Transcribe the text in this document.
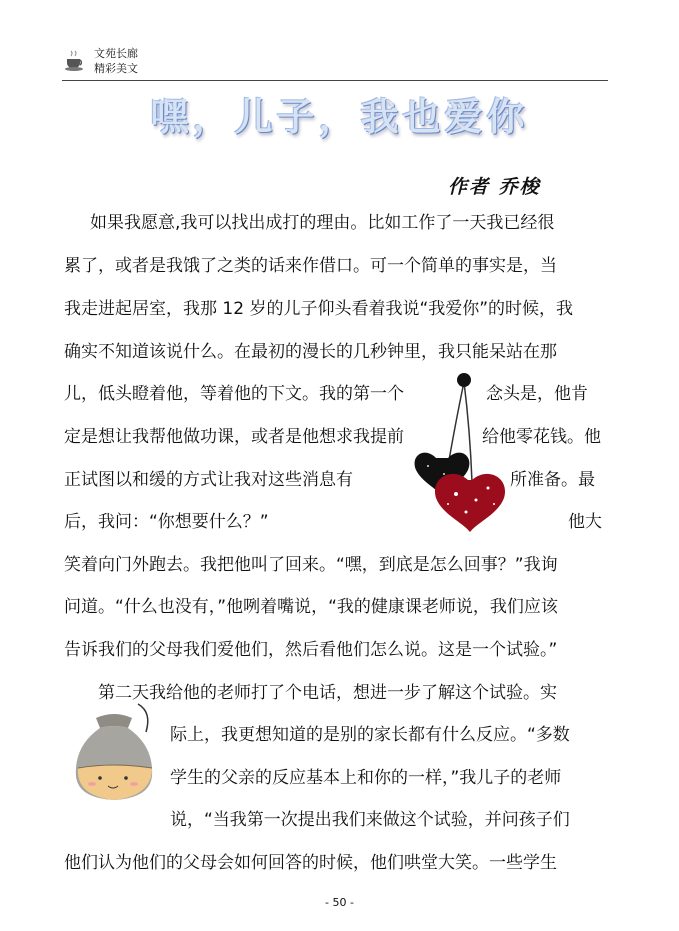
文苑长廊
精彩美文
嘿，儿子，我也爱你
作者 乔梭
如果我愿意,我可以找出成打的理由。比如工作了一天我已经很
累了，或者是我饿了之类的话来作借口。可一个简单的事实是，当
我走进起居室，我那 12 岁的儿子仰头看着我说“我爱你”的时候，我
确实不知道该说什么。在最初的漫长的几秒钟里，我只能呆站在那
儿，低头瞪着他，等着他的下文。我的第一个	念头是，他肯
定是想让我帮他做功课，或者是他想求我提前	给他零花钱。他
正试图以和缓的方式让我对这些消息有	所准备。最
后，我问：“你想要什么？”	他大
笑着向门外跑去。我把他叫了回来。“嘿，到底是怎么回事？”我询
问道。“什么也没有，”他咧着嘴说，“我的健康课老师说，我们应该
告诉我们的父母我们爱他们，然后看他们怎么说。这是一个试验。”
第二天我给他的老师打了个电话，想进一步了解这个试验。实
际上，我更想知道的是别的家长都有什么反应。“多数
学生的父亲的反应基本上和你的一样，”我儿子的老师
说，“当我第一次提出我们来做这个试验，并问孩子们
他们认为他们的父母会如何回答的时候，他们哄堂大笑。一些学生
- 50 -
